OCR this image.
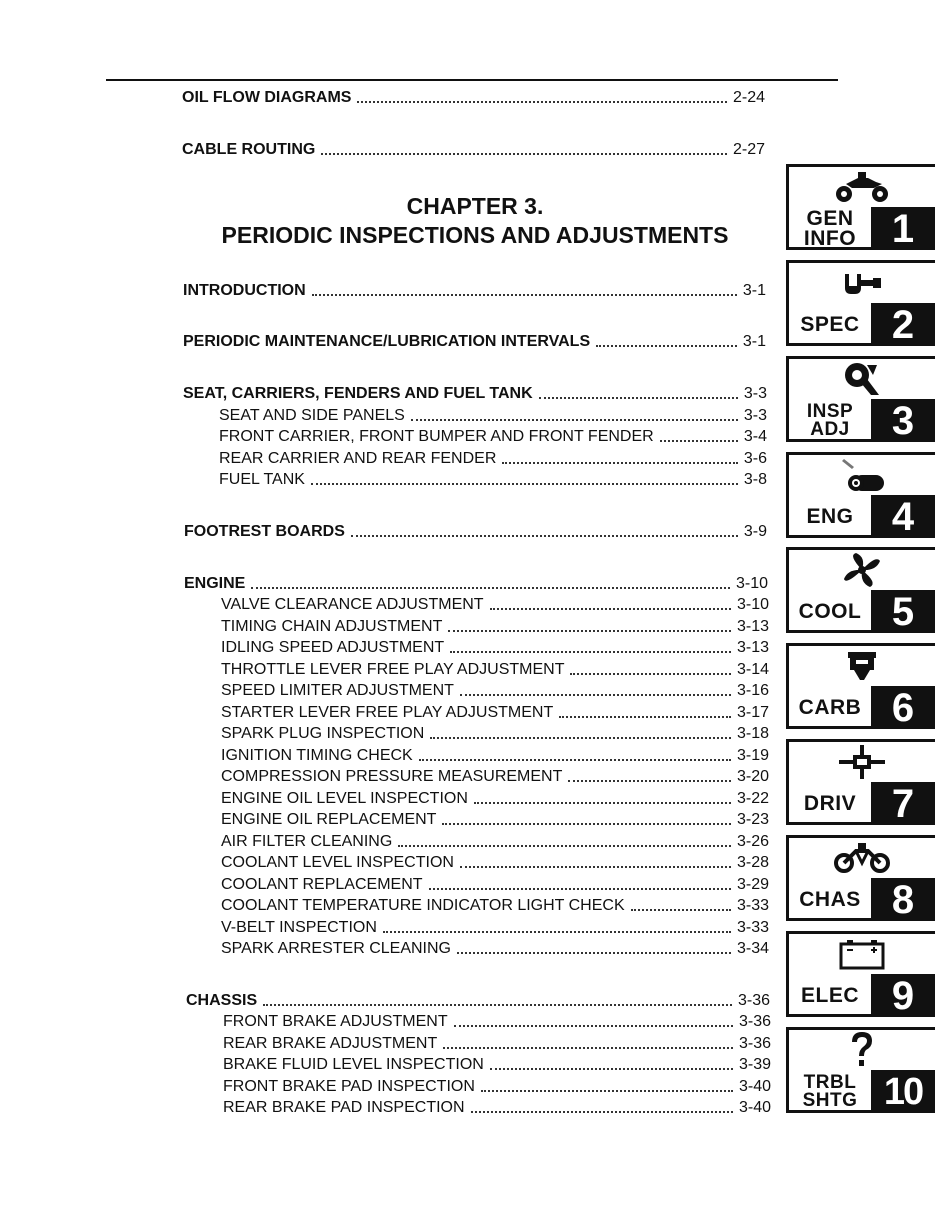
OIL FLOW DIAGRAMS	2-24
CABLE ROUTING	2-27
CHAPTER 3.
PERIODIC INSPECTIONS AND ADJUSTMENTS
INTRODUCTION	3-1
PERIODIC MAINTENANCE/LUBRICATION INTERVALS	3-1
SEAT, CARRIERS, FENDERS AND FUEL TANK	3-3
SEAT AND SIDE PANELS	3-3
FRONT CARRIER, FRONT BUMPER AND FRONT FENDER	3-4
REAR CARRIER AND REAR FENDER	3-6
FUEL TANK	3-8
FOOTREST BOARDS	3-9
ENGINE	3-10
VALVE CLEARANCE ADJUSTMENT	3-10
TIMING CHAIN ADJUSTMENT	3-13
IDLING SPEED ADJUSTMENT	3-13
THROTTLE LEVER FREE PLAY ADJUSTMENT	3-14
SPEED LIMITER ADJUSTMENT	3-16
STARTER LEVER FREE PLAY ADJUSTMENT	3-17
SPARK PLUG INSPECTION	3-18
IGNITION TIMING CHECK	3-19
COMPRESSION PRESSURE MEASUREMENT	3-20
ENGINE OIL LEVEL INSPECTION	3-22
ENGINE OIL REPLACEMENT	3-23
AIR FILTER CLEANING	3-26
COOLANT LEVEL INSPECTION	3-28
COOLANT REPLACEMENT	3-29
COOLANT TEMPERATURE INDICATOR LIGHT CHECK	3-33
V-BELT INSPECTION	3-33
SPARK ARRESTER CLEANING	3-34
CHASSIS	3-36
FRONT BRAKE ADJUSTMENT	3-36
REAR BRAKE ADJUSTMENT	3-36
BRAKE FLUID LEVEL INSPECTION	3-39
FRONT BRAKE PAD INSPECTION	3-40
REAR BRAKE PAD INSPECTION	3-40
GEN
INFO 1
SPEC 2
INSP
ADJ	3
ENG 4
COOL 5
CARB 6
DRIV 7
CHAS 8
ELEC 9
TRBL
SHTG 10
